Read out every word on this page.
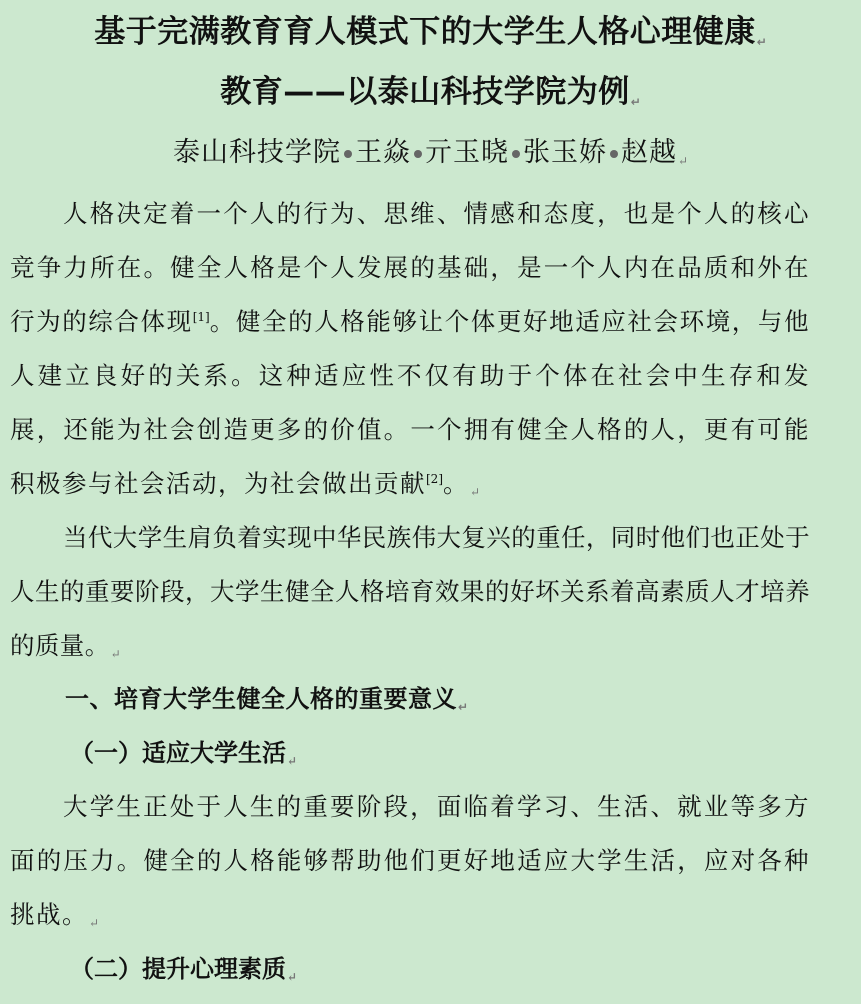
基于完满教育育人模式下的大学生人格心理健康↵
教育——以泰山科技学院为例↵
泰山科技学院 王焱 亓玉晓 张玉娇 赵越↵

人格决定着一个人的行为、思维、情感和态度，也是个人的核心竞争力所在。健全人格是个人发展的基础，是一个人内在品质和外在行为的综合体现[1]。健全的人格能够让个体更好地适应社会环境，与他人建立良好的关系。这种适应性不仅有助于个体在社会中生存和发展，还能为社会创造更多的价值。一个拥有健全人格的人，更有可能积极参与社会活动，为社会做出贡献[2]。↵

当代大学生肩负着实现中华民族伟大复兴的重任，同时他们也正处于人生的重要阶段，大学生健全人格培育效果的好坏关系着高素质人才培养的质量。↵

一、培育大学生健全人格的重要意义↵
（一）适应大学生活↵

大学生正处于人生的重要阶段，面临着学习、生活、就业等多方面的压力。健全的人格能够帮助他们更好地适应大学生活，应对各种挑战。↵

（二）提升心理素质↵
